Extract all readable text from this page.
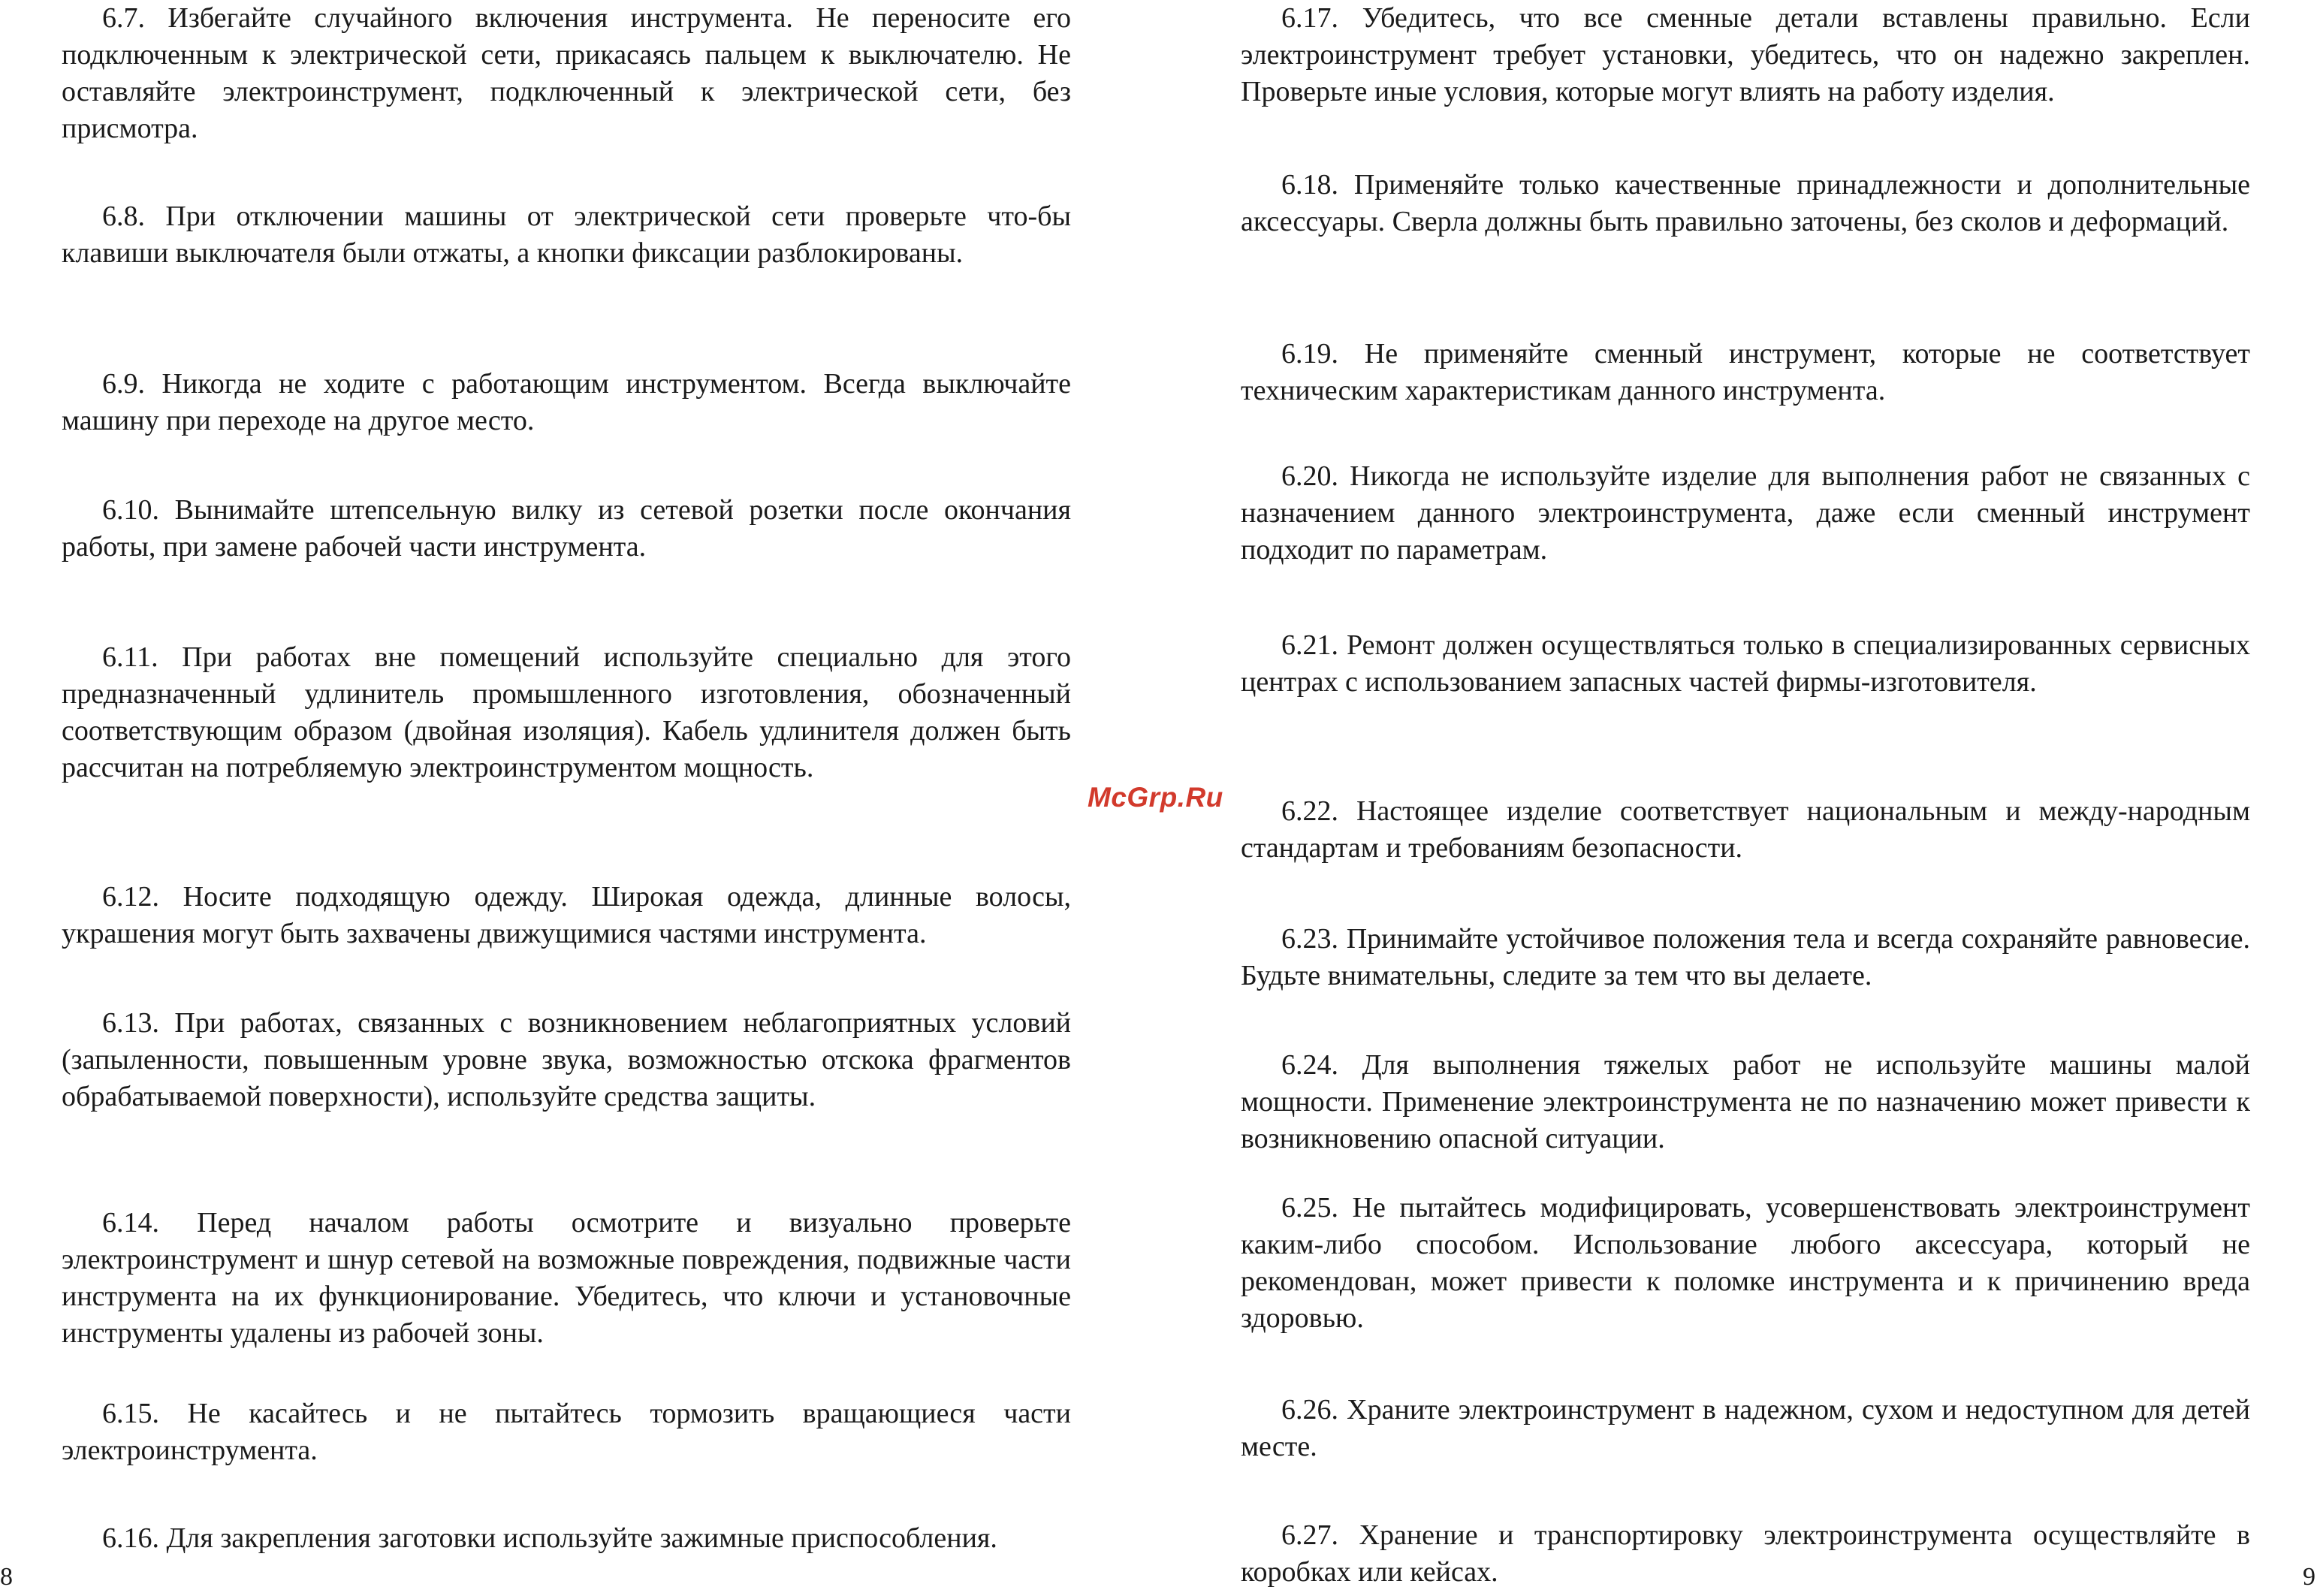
6.7. Избегайте случайного включения инструмента. Не переносите его подключенным к электрической сети, прикасаясь пальцем к выключателю. Не оставляйте электроинструмент, подключенный к электрической сети, без присмотра.

6.8. При отключении машины от электрической сети проверьте что-бы клавиши выключателя были отжаты, а кнопки фиксации разблокированы.

6.9. Никогда не ходите с работающим инструментом. Всегда выключайте машину при переходе на другое место.

6.10. Вынимайте штепсельную вилку из сетевой розетки после окончания работы, при замене рабочей части инструмента.

6.11. При работах вне помещений используйте специально для этого предназначенный удлинитель промышленного изготовления, обозначенный соответствующим образом (двойная изоляция). Кабель удлинителя должен быть рассчитан на потребляемую электроинструментом мощность.

6.12. Носите подходящую одежду. Широкая одежда, длинные волосы, украшения могут быть захвачены движущимися частями инструмента.

6.13. При работах, связанных с возникновением неблагоприятных условий (запыленности, повышенным уровне звука, возможностью отскока фрагментов обрабатываемой поверхности), используйте средства защиты.

6.14. Перед началом работы осмотрите и визуально проверьте электроинструмент и шнур сетевой на возможные повреждения, подвижные части инструмента на их функционирование. Убедитесь, что ключи и установочные инструменты удалены из рабочей зоны.

6.15. Не касайтесь и не пытайтесь тормозить вращающиеся части электроинструмента.

6.16. Для закрепления заготовки используйте зажимные приспособления.

6.17. Убедитесь, что все сменные детали вставлены правильно. Если электроинструмент требует установки, убедитесь, что он надежно закреплен. Проверьте иные условия, которые могут влиять на работу изделия.

6.18. Применяйте только качественные принадлежности и дополнительные аксессуары. Сверла должны быть правильно заточены, без сколов и деформаций.

6.19. Не применяйте сменный инструмент, которые не соответствует техническим характеристикам данного инструмента.

6.20. Никогда не используйте изделие для выполнения работ не связанных с назначением данного электроинструмента, даже если сменный инструмент подходит по параметрам.

6.21. Ремонт должен осуществляться только в специализированных сервисных центрах с использованием запасных частей фирмы-изготовителя.

6.22. Настоящее изделие соответствует национальным и между-народным стандартам и требованиям безопасности.

6.23. Принимайте устойчивое положения тела и всегда сохраняйте равновесие. Будьте внимательны, следите за тем что вы делаете.

6.24. Для выполнения тяжелых работ не используйте машины малой мощности. Применение электроинструмента не по назначению может привести к возникновению опасной ситуации.

6.25. Не пытайтесь модифицировать, усовершенствовать электроинструмент каким-либо способом. Использование любого аксессуара, который не рекомендован, может привести к поломке инструмента и к причинению вреда здоровью.

6.26. Храните электроинструмент в надежном, сухом и недоступном для детей месте.

6.27. Хранение и транспортировку электроинструмента осуществляйте в коробках или кейсах.

8	9
McGrp.Ru
